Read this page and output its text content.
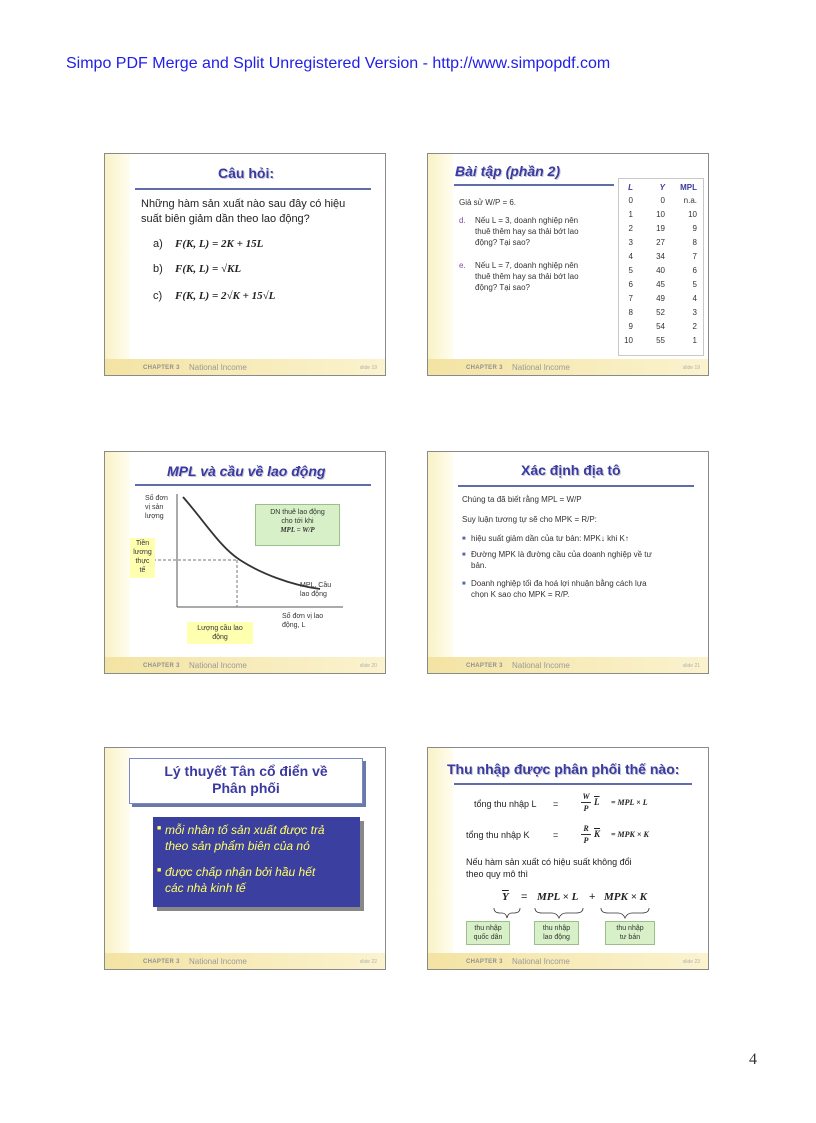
Simpo PDF Merge and Split Unregistered Version - http://www.simpopdf.com
Câu hỏi:
Những hàm sản xuất nào sau đây có hiệu
suất biên giảm dần theo lao động?
a) F(K, L) = 2K + 15L
b) F(K, L) = √KL
c) F(K, L) = 2√K + 15√L
CHAPTER 3 National Income	slide 19
Bài tập (phần 2)
Giả sử W/P = 6.
d. Nếu L = 3, doanh nghiệp nên
thuê thêm hay sa thải bớt lao
động? Tại sao?
e. Nếu L = 7, doanh nghiệp nên
thuê thêm hay sa thải bớt lao
động? Tại sao?
L	Y	MPL
0	0	n.a.
1	10	10
2	19	9
3	27	8
4	34	7
5	40	6
6	45	5
7	49	4
8	52	3
9	54	2
10	55	1
CHAPTER 3 National Income	slide 19
MPL và cầu về lao động
Số đơn
vị sản
lượng
Tiền
lương
thực
tế
DN thuê lao động
cho tới khi
MPL = W/P
MPL, Cầu
lao động
Số đơn vị lao
động, L
Lượng cầu lao
động
CHAPTER 3 National Income	slide 20
Xác định địa tô
Chúng ta đã biết rằng MPL = W/P
Suy luận tương tự sẽ cho MPK = R/P:
■ hiệu suất giảm dần của tư bản: MPK↓ khi K↑
■ Đường MPK là đường cầu của doanh nghiệp về tư
bản.
■ Doanh nghiệp tối đa hoá lợi nhuận bằng cách lựa
chọn K sao cho MPK = R/P.
CHAPTER 3 National Income	slide 21
Lý thuyết Tân cổ điển về
Phân phối
■ mỗi nhân tố sản xuất được trả
theo sản phẩm biên của nó
■ được chấp nhận bởi hầu hết
các nhà kinh tế
CHAPTER 3 National Income	slide 22
Thu nhập được phân phối thế nào:
tổng thu nhập L =
W
P
$\overline{L}$ = MPL × L
tổng thu nhập K	=
R
P
$\overline{K}$ = MPK × K
Nếu hàm sản xuất có hiệu suất không đổi
theo quy mô thì
$\overline{Y}$ = MPL × L + MPK × K
thu nhập
quốc dân
thu nhập
lao động
thu nhập
tư bản
CHAPTER 3 National Income	slide 23
4
